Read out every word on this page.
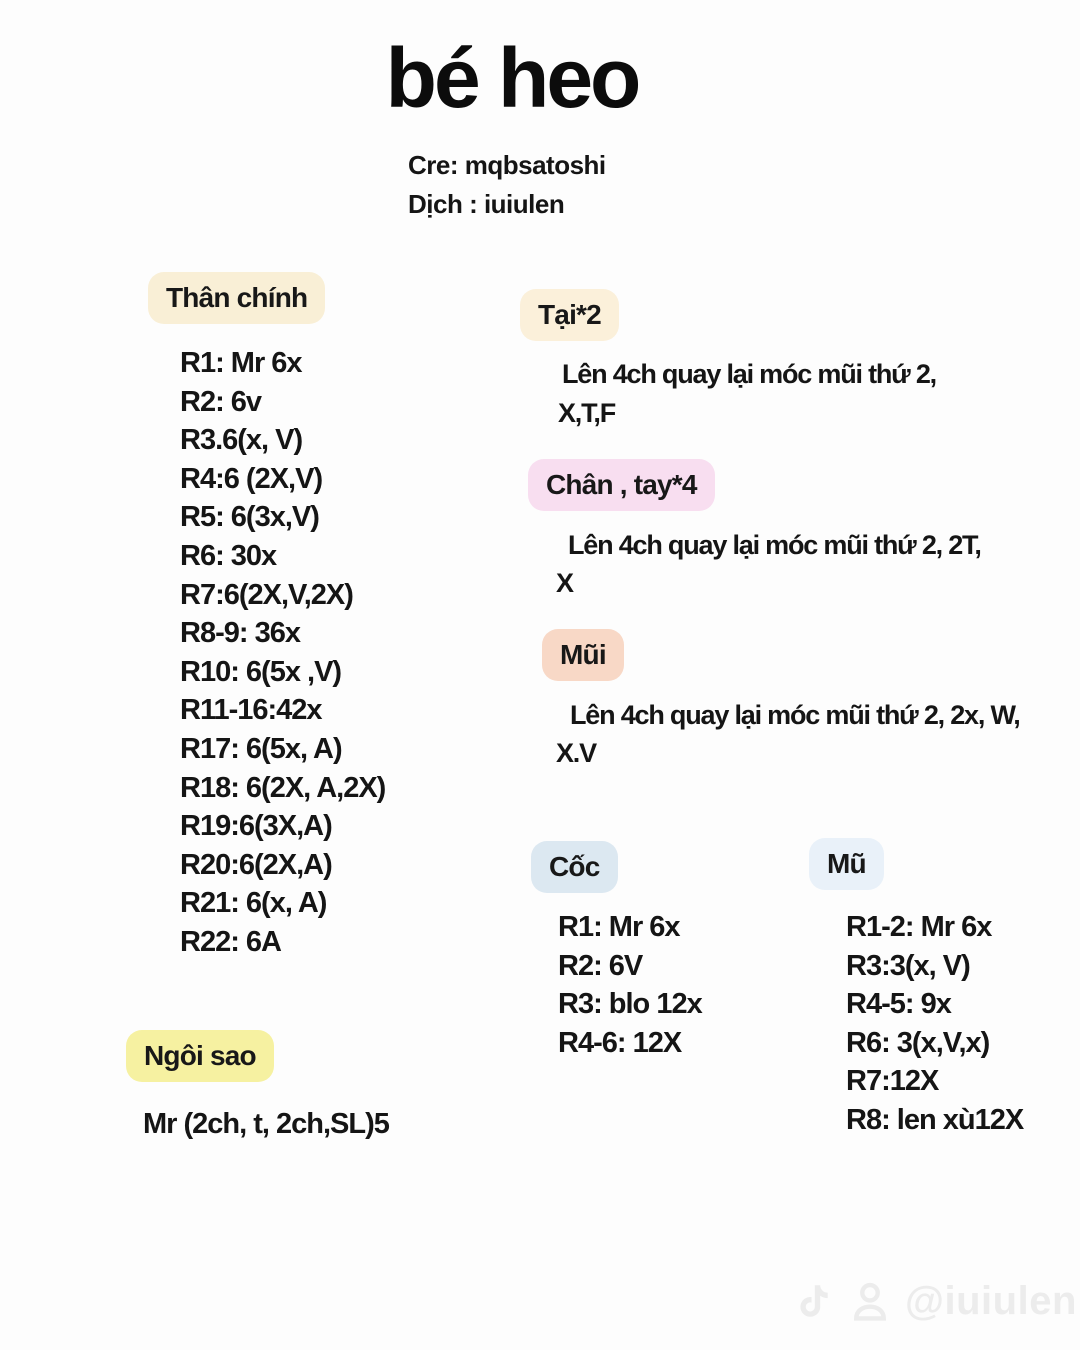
bé heo
Cre: mqbsatoshi
Dịch : iuiulen
Thân chính
R1: Mr 6x
R2: 6v
R3.6(x, V)
R4:6 (2X,V)
R5: 6(3x,V)
R6: 30x
R7:6(2X,V,2X)
R8-9: 36x
R10: 6(5x ,V)
R11-16:42x
R17: 6(5x, A)
R18: 6(2X, A,2X)
R19:6(3X,A)
R20:6(2X,A)
R21: 6(x, A)
R22: 6A
Ngôi sao
Mr (2ch, t, 2ch,SL)5
Tại*2
Lên 4ch quay lại móc mũi thứ 2,
X,T,F
Chân , tay*4
Lên 4ch quay lại móc mũi thứ 2, 2T,
X
Mũi
Lên 4ch quay lại móc mũi thứ 2, 2x, W,
X.V
Cốc
R1: Mr 6x
R2: 6V
R3: blo 12x
R4-6: 12X
Mũ
R1-2: Mr 6x
R3:3(x, V)
R4-5: 9x
R6: 3(x,V,x)
R7:12X
R8: len xù12X
@iuiulen
